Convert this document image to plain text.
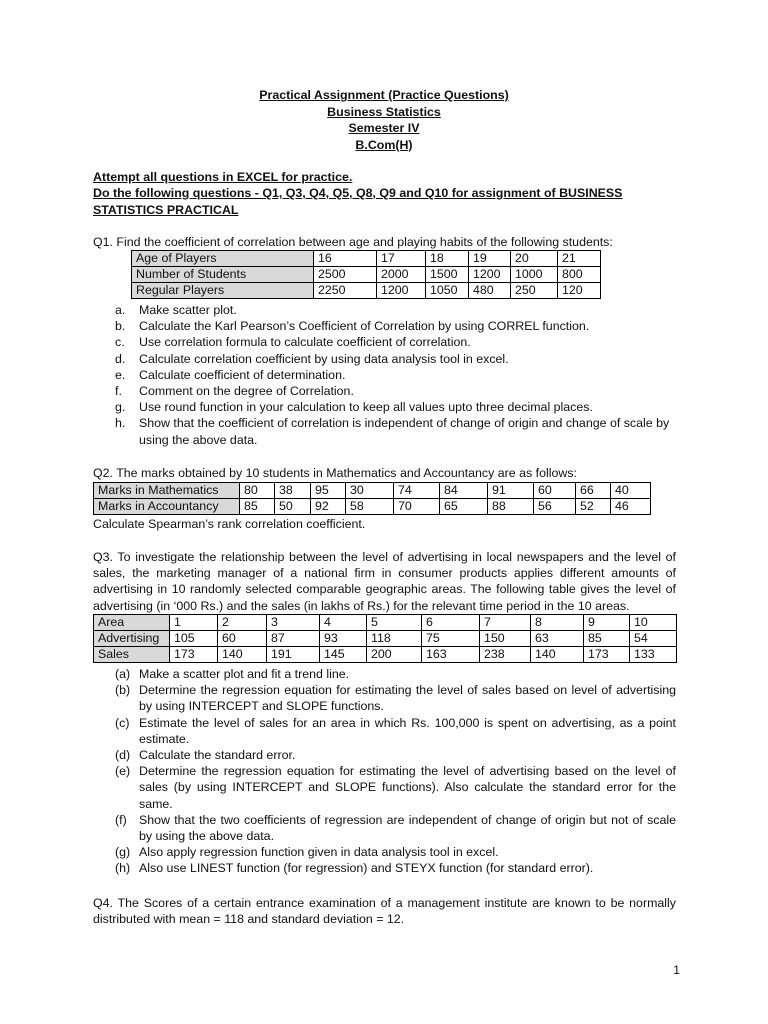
Practical Assignment (Practice Questions)
Business Statistics
Semester IV
B.Com(H)
Attempt all questions in EXCEL for practice.
Do the following questions - Q1, Q3, Q4, Q5, Q8, Q9 and Q10 for assignment of BUSINESS STATISTICS PRACTICAL
Q1. Find the coefficient of correlation between age and playing habits of the following students:
Age of Players	16	17	18	19	20	21
Number of Students	2500	2000	1500	1200	1000	800
Regular Players	2250	1200	1050	480	250	120
a.	Make scatter plot.
b.	Calculate the Karl Pearson’s Coefficient of Correlation by using CORREL function.
c.	Use correlation formula to calculate coefficient of correlation.
d.	Calculate correlation coefficient by using data analysis tool in excel.
e.	Calculate coefficient of determination.
f.	Comment on the degree of Correlation.
g.	Use round function in your calculation to keep all values upto three decimal places.
h.	Show that the coefficient of correlation is independent of change of origin and change of scale by using the above data.
Q2. The marks obtained by 10 students in Mathematics and Accountancy are as follows:
Marks in Mathematics	80	38	95	30	74	84	91	60	66	40
Marks in Accountancy	85	50	92	58	70	65	88	56	52	46
Calculate Spearman’s rank correlation coefficient.
Q3. To investigate the relationship between the level of advertising in local newspapers and the level of sales, the marketing manager of a national firm in consumer products applies different amounts of advertising in 10 randomly selected comparable geographic areas. The following table gives the level of advertising (in ‘000 Rs.) and the sales (in lakhs of Rs.) for the relevant time period in the 10 areas.
Area	1	2	3	4	5	6	7	8	9	10
Advertising	105	60	87	93	118	75	150	63	85	54
Sales	173	140	191	145	200	163	238	140	173	133
(a) Make a scatter plot and fit a trend line.
(b) Determine the regression equation for estimating the level of sales based on level of advertising by using INTERCEPT and SLOPE functions.
(c) Estimate the level of sales for an area in which Rs. 100,000 is spent on advertising, as a point estimate.
(d) Calculate the standard error.
(e) Determine the regression equation for estimating the level of advertising based on the level of sales (by using INTERCEPT and SLOPE functions). Also calculate the standard error for the same.
(f) Show that the two coefficients of regression are independent of change of origin but not of scale by using the above data.
(g) Also apply regression function given in data analysis tool in excel.
(h) Also use LINEST function (for regression) and STEYX function (for standard error).
Q4. The Scores of a certain entrance examination of a management institute are known to be normally distributed with mean = 118 and standard deviation = 12.
1
